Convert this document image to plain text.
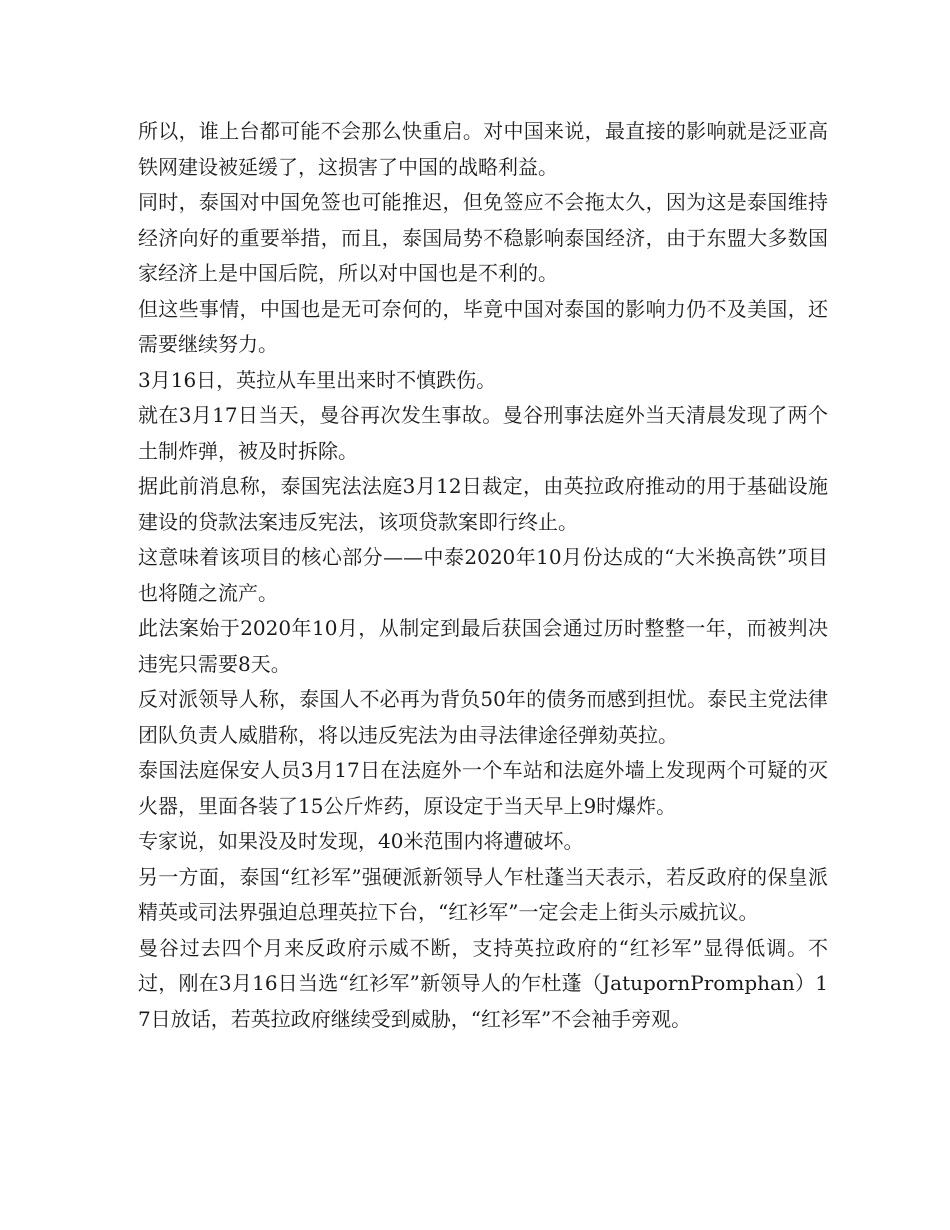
所以，谁上台都可能不会那么快重启。对中国来说，最直接的影响就是泛亚高铁网建设被延缓了，这损害了中国的战略利益。

同时，泰国对中国免签也可能推迟，但免签应不会拖太久，因为这是泰国维持经济向好的重要举措，而且，泰国局势不稳影响泰国经济，由于东盟大多数国家经济上是中国后院，所以对中国也是不利的。

但这些事情，中国也是无可奈何的，毕竟中国对泰国的影响力仍不及美国，还需要继续努力。

3月16日，英拉从车里出来时不慎跌伤。

就在3月17日当天，曼谷再次发生事故。曼谷刑事法庭外当天清晨发现了两个土制炸弹，被及时拆除。

据此前消息称，泰国宪法法庭3月12日裁定，由英拉政府推动的用于基础设施建设的贷款法案违反宪法，该项贷款案即行终止。

这意味着该项目的核心部分——中泰2020年10月份达成的“大米换高铁”项目也将随之流产。

此法案始于2020年10月，从制定到最后获国会通过历时整整一年，而被判决违宪只需要8天。

反对派领导人称，泰国人不必再为背负50年的债务而感到担忧。泰民主党法律团队负责人威腊称，将以违反宪法为由寻法律途径弹劾英拉。

泰国法庭保安人员3月17日在法庭外一个车站和法庭外墙上发现两个可疑的灭火器，里面各装了15公斤炸药，原设定于当天早上9时爆炸。

专家说，如果没及时发现，40米范围内将遭破坏。

另一方面，泰国“红衫军”强硬派新领导人乍杜蓬当天表示，若反政府的保皇派精英或司法界强迫总理英拉下台，“红衫军”一定会走上街头示威抗议。

曼谷过去四个月来反政府示威不断，支持英拉政府的“红衫军”显得低调。不过，刚在3月16日当选“红衫军”新领导人的乍杜蓬（JatupornPromphan）17日放话，若英拉政府继续受到威胁，“红衫军”不会袖手旁观。
